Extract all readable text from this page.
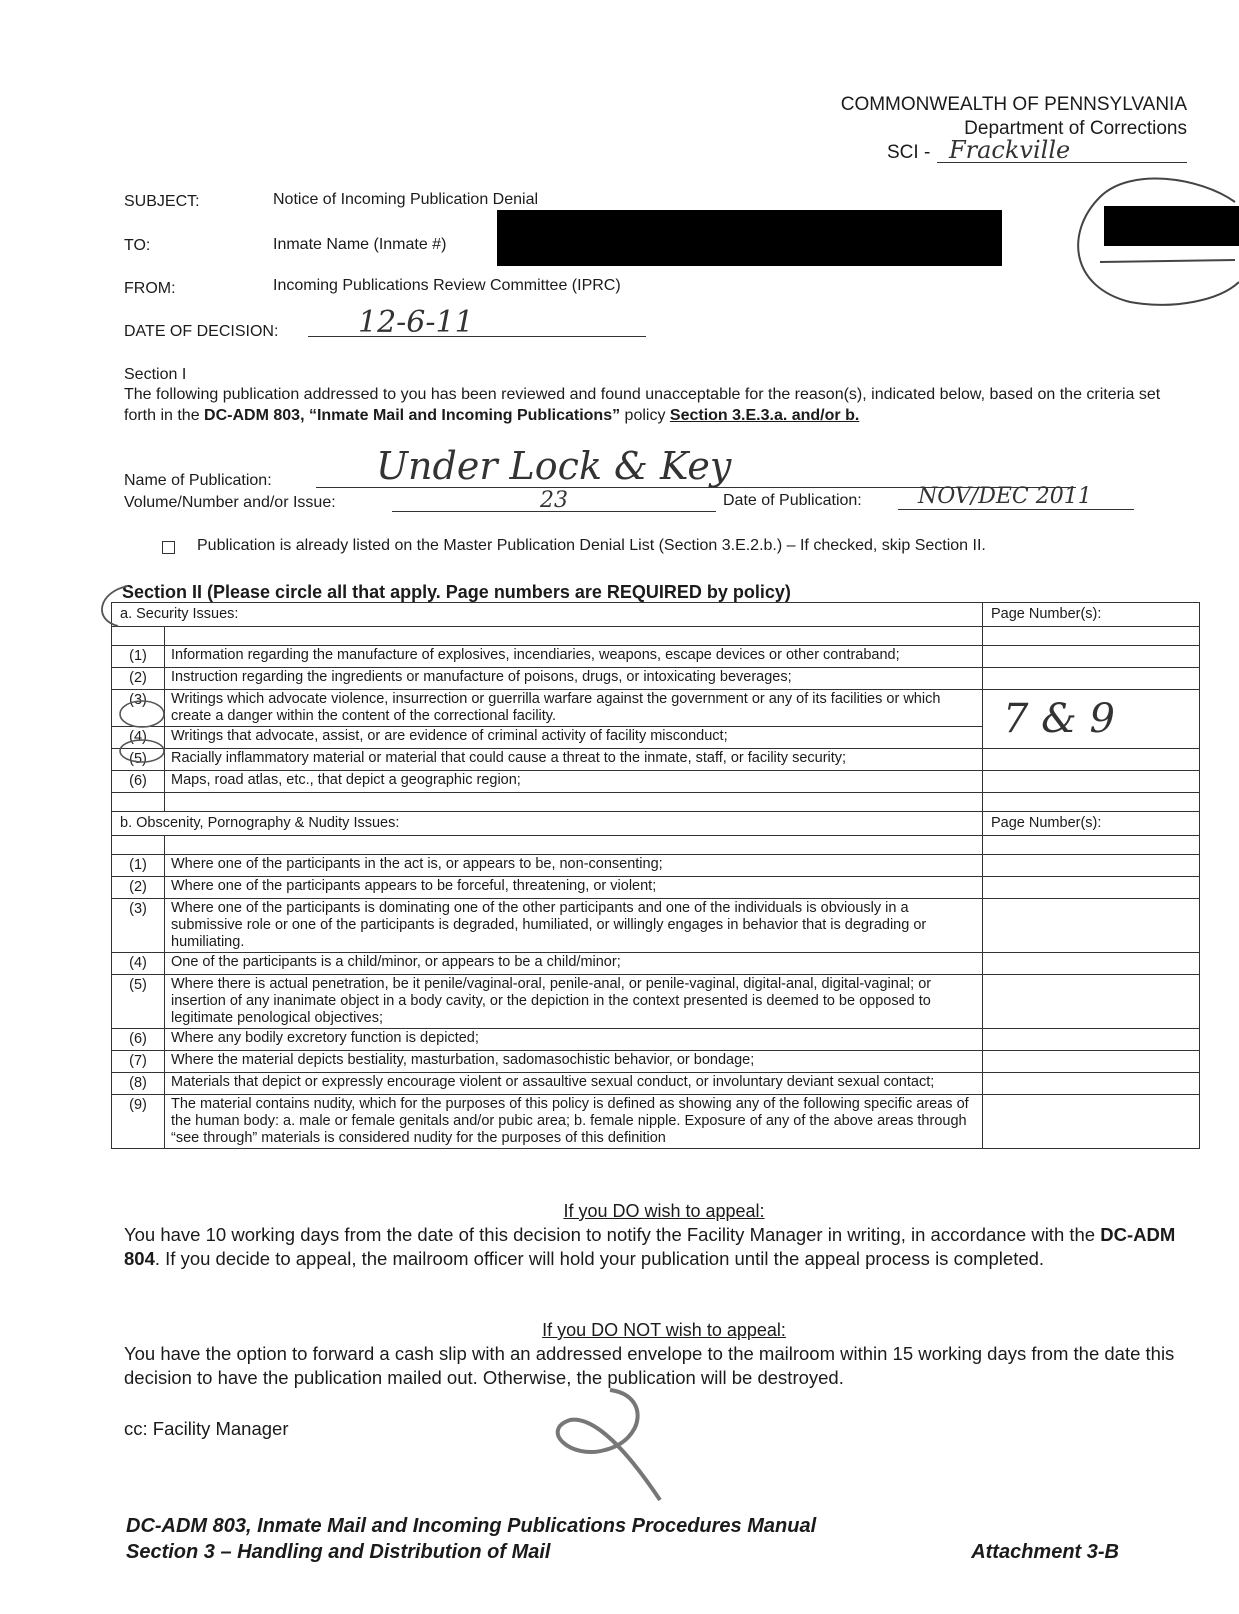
COMMONWEALTH OF PENNSYLVANIA
Department of Corrections
SCI - Frackville
SUBJECT:	Notice of Incoming Publication Denial
TO:	Inmate Name (Inmate #)
FROM:	Incoming Publications Review Committee (IPRC)
DATE OF DECISION:	12-6-11
Section I
The following publication addressed to you has been reviewed and found unacceptable for the reason(s), indicated below, based on the criteria set forth in the DC-ADM 803, “Inmate Mail and Incoming Publications” policy Section 3.E.3.a. and/or b.
Name of Publication:	Under Lock & Key
Volume/Number and/or Issue:	23	Date of Publication:	NOV/DEC 2011
Publication is already listed on the Master Publication Denial List (Section 3.E.2.b.) – If checked, skip Section II.
Section II (Please circle all that apply. Page numbers are REQUIRED by policy)
a. Security Issues:		Page Number(s):

(1)	Information regarding the manufacture of explosives, incendiaries, weapons, escape devices or other contraband;	
(2)	Instruction regarding the ingredients or manufacture of poisons, drugs, or intoxicating beverages;	
(3)	Writings which advocate violence, insurrection or guerrilla warfare against the government or any of its facilities or which create a danger within the content of the correctional facility.	7 & 9
(4)	Writings that advocate, assist, or are evidence of criminal activity of facility misconduct;	
(5)	Racially inflammatory material or material that could cause a threat to the inmate, staff, or facility security;	
(6)	Maps, road atlas, etc., that depict a geographic region;	

b. Obscenity, Pornography & Nudity Issues:		Page Number(s):

(1)	Where one of the participants in the act is, or appears to be, non-consenting;	
(2)	Where one of the participants appears to be forceful, threatening, or violent;	
(3)	Where one of the participants is dominating one of the other participants and one of the individuals is obviously in a submissive role or one of the participants is degraded, humiliated, or willingly engages in behavior that is degrading or humiliating.	
(4)	One of the participants is a child/minor, or appears to be a child/minor;	
(5)	Where there is actual penetration, be it penile/vaginal-oral, penile-anal, or penile-vaginal, digital-anal, digital-vaginal; or insertion of any inanimate object in a body cavity, or the depiction in the context presented is deemed to be opposed to legitimate penological objectives;	
(6)	Where any bodily excretory function is depicted;	
(7)	Where the material depicts bestiality, masturbation, sadomasochistic behavior, or bondage;	
(8)	Materials that depict or expressly encourage violent or assaultive sexual conduct, or involuntary deviant sexual contact;	
(9)	The material contains nudity, which for the purposes of this policy is defined as showing any of the following specific areas of the human body: a. male or female genitals and/or pubic area; b. female nipple. Exposure of any of the above areas through “see through” materials is considered nudity for the purposes of this definition	
If you DO wish to appeal:
You have 10 working days from the date of this decision to notify the Facility Manager in writing, in accordance with the DC-ADM 804. If you decide to appeal, the mailroom officer will hold your publication until the appeal process is completed.
If you DO NOT wish to appeal:
You have the option to forward a cash slip with an addressed envelope to the mailroom within 15 working days from the date this decision to have the publication mailed out. Otherwise, the publication will be destroyed.
cc: Facility Manager
DC-ADM 803, Inmate Mail and Incoming Publications Procedures Manual
Section 3 – Handling and Distribution of Mail	Attachment 3-B
